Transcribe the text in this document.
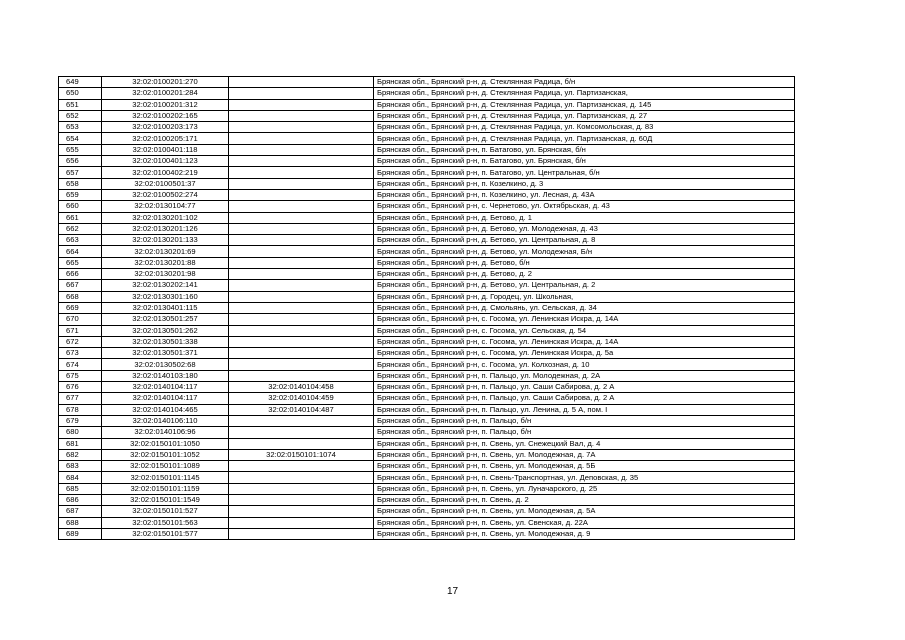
649	32:02:0100201:270		Брянская обл., Брянский р-н, д. Стеклянная Радица, б/н
650	32:02:0100201:284		Брянская обл., Брянский р-н, д. Стеклянная Радица, ул. Партизанская,
651	32:02:0100201:312		Брянская обл., Брянский р-н, д. Стеклянная Радица, ул. Партизанская, д. 145
652	32:02:0100202:165		Брянская обл., Брянский р-н, д. Стеклянная Радица, ул. Партизанская, д. 27
653	32:02:0100203:173		Брянская обл., Брянский р-н, д. Стеклянная Радица, ул. Комсомольская, д. 83
654	32:02:0100205:171		Брянская обл., Брянский р-н, д. Стеклянная Радица, ул. Партизанская, д. 60Д
655	32:02:0100401:118		Брянская обл., Брянский р-н, п. Батагово, ул. Брянская, б/н
656	32:02:0100401:123		Брянская обл., Брянский р-н, п. Батагово, ул. Брянская, б/н
657	32:02:0100402:219		Брянская обл., Брянский р-н, п. Батагово, ул. Центральная, б/н
658	32:02:0100501:37		Брянская обл., Брянский р-н, п. Козелкино, д. 3
659	32:02:0100502:274		Брянская обл., Брянский р-н, п. Козелкино, ул. Лесная, д. 43А
660	32:02:0130104:77		Брянская обл., Брянский р-н, с. Чернетово, ул. Октябрьская, д. 43
661	32:02:0130201:102		Брянская обл., Брянский р-н, д. Бетово, д. 1
662	32:02:0130201:126		Брянская обл., Брянский р-н, д. Бетово, ул. Молодежная, д. 43
663	32:02:0130201:133		Брянская обл., Брянский р-н, д. Бетово, ул. Центральная, д. 8
664	32:02:0130201:69		Брянская обл., Брянский р-н, д. Бетово, ул. Молодежная, Б/н
665	32:02:0130201:88		Брянская обл., Брянский р-н, д. Бетово, б/н
666	32:02:0130201:98		Брянская обл., Брянский р-н, д. Бетово, д. 2
667	32:02:0130202:141		Брянская обл., Брянский р-н, д. Бетово, ул. Центральная, д. 2
668	32:02:0130301:160		Брянская обл., Брянский р-н, д. Городец, ул. Школьная,
669	32:02:0130401:115		Брянская обл., Брянский р-н, д. Смольянь, ул. Сельская, д. 34
670	32:02:0130501:257		Брянская обл., Брянский р-н, с. Госома, ул. Ленинская Искра, д. 14А
671	32:02:0130501:262		Брянская обл., Брянский р-н, с. Госома, ул. Сельская, д. 54
672	32:02:0130501:338		Брянская обл., Брянский р-н, с. Госома, ул. Ленинская Искра, д. 14А
673	32:02:0130501:371		Брянская обл., Брянский р-н, с. Госома, ул. Ленинская Искра, д. 5а
674	32:02:0130502:68		Брянская обл., Брянский р-н, с. Госома, ул. Колхозная, д. 10
675	32:02:0140103:180		Брянская обл., Брянский р-н, п. Пальцо, ул. Молодежная, д. 2А
676	32:02:0140104:117	32:02:0140104:458	Брянская обл., Брянский р-н, п. Пальцо, ул. Саши Сабирова, д. 2 А
677	32:02:0140104:117	32:02:0140104:459	Брянская обл., Брянский р-н, п. Пальцо, ул. Саши Сабирова, д. 2 А
678	32:02:0140104:465	32:02:0140104:487	Брянская обл., Брянский р-н, п. Пальцо, ул. Ленина, д. 5 А, пом. I
679	32:02:0140106:110		Брянская обл., Брянский р-н, п. Пальцо, б/н
680	32:02:0140106:96		Брянская обл., Брянский р-н, п. Пальцо, б/н
681	32:02:0150101:1050		Брянская обл., Брянский р-н, п. Свень, ул. Снежецкий Вал, д. 4
682	32:02:0150101:1052	32:02:0150101:1074	Брянская обл., Брянский р-н, п. Свень, ул. Молодежная, д. 7А
683	32:02:0150101:1089		Брянская обл., Брянский р-н, п. Свень, ул. Молодежная, д. 5Б
684	32:02:0150101:1145		Брянская обл., Брянский р-н, п. Свень-Транспортная, ул. Деповская, д. 35
685	32:02:0150101:1159		Брянская обл., Брянский р-н, п. Свень, ул. Луначарского, д. 25
686	32:02:0150101:1549		Брянская обл., Брянский р-н, п. Свень, д. 2
687	32:02:0150101:527		Брянская обл., Брянский р-н, п. Свень, ул. Молодежная, д. 5А
688	32:02:0150101:563		Брянская обл., Брянский р-н, п. Свень, ул. Свенская, д. 22А
689	32:02:0150101:577		Брянская обл., Брянский р-н, п. Свень, ул. Молодежная, д. 9
17
